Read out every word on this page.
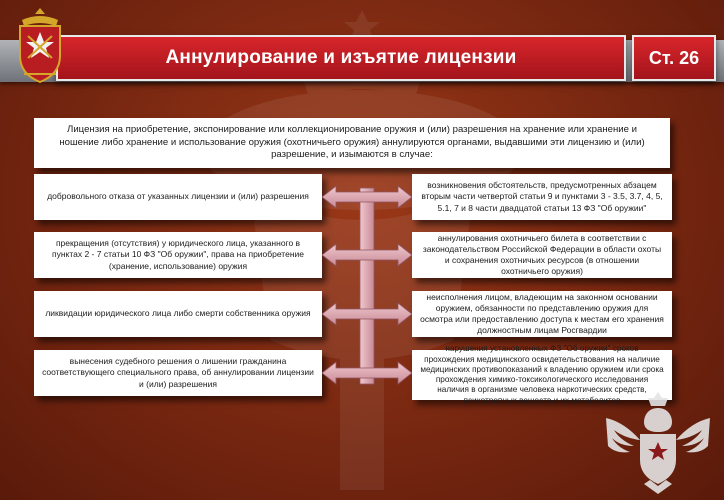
Аннулирование и изъятие лицензии	Ст. 26
Лицензия на приобретение, экспонирование или коллекционирование оружия и (или) разрешения на хранение или хранение и ношение либо хранение и использование оружия (охотничьего оружия) аннулируются органами, выдавшими эти лицензию и (или) разрешение, и изымаются в случае:
добровольного отказа от указанных лицензии и (или) разрешения
прекращения (отсутствия) у юридического лица, указанного в пунктах 2 - 7 статьи 10 ФЗ "Об оружии", права на приобретение (хранение, использование) оружия
ликвидации юридического лица либо смерти собственника оружия
вынесения судебного решения о лишении гражданина соответствующего специального права, об аннулировании лицензии и (или) разрешения
возникновения обстоятельств, предусмотренных абзацем вторым части четвертой статьи 9 и пунктами 3 - 3.5, 3.7, 4, 5, 5.1, 7 и 8 части двадцатой статьи 13 ФЗ "Об оружии"
аннулирования охотничьего билета в соответствии с законодательством Российской Федерации в области охоты и сохранения охотничьих ресурсов (в отношении охотничьего оружия)
неисполнения лицом, владеющим на законном основании оружием, обязанности по представлению оружия для осмотра или предоставлению доступа к местам его хранения должностным лицам Росгвардии
нарушения установленных ФЗ "Об оружии" сроков прохождения медицинского освидетельствования на наличие медицинских противопоказаний к владению оружием или срока прохождения химико-токсикологического исследования наличия в организме человека наркотических средств, психотропных веществ и их метаболитов
